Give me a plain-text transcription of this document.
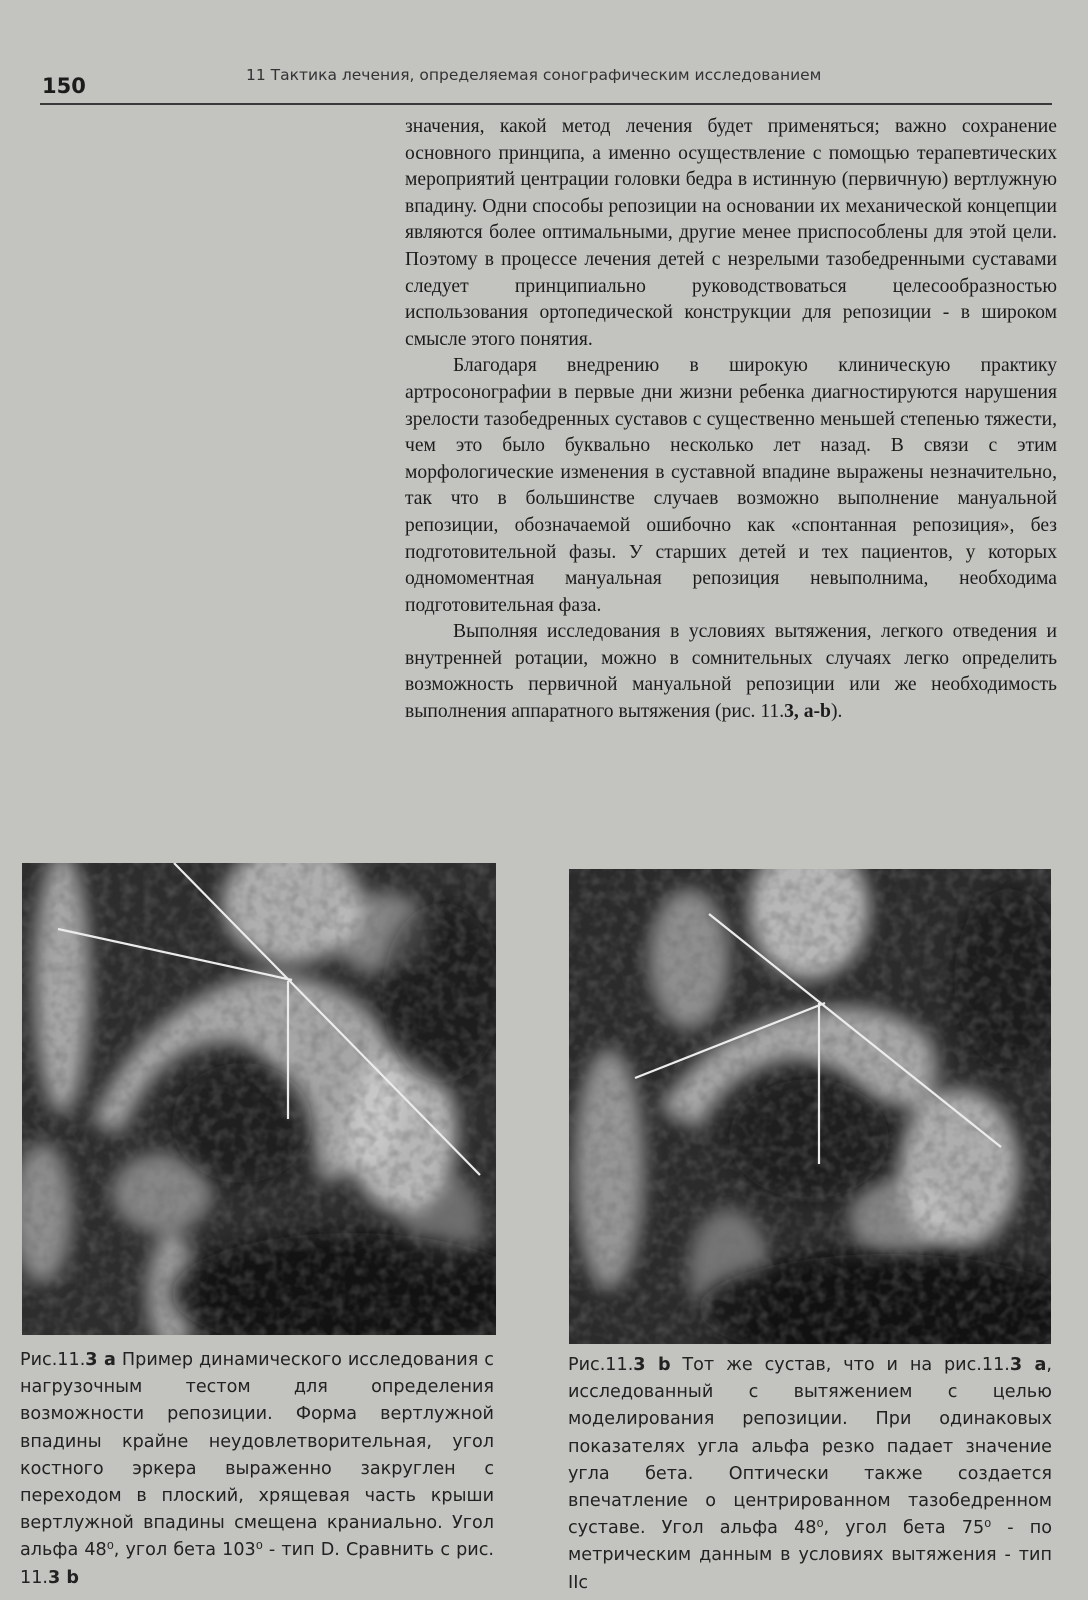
150	11 Тактика лечения, определяемая сонографическим исследованием

значения, какой метод лечения будет применяться; важно сохранение основного принципа, а именно осуществление с помощью терапевтических мероприятий центрации головки бедра в истинную (первичную) вертлужную впадину. Одни способы репозиции на основании их механической концепции являются более оптимальными, другие менее приспособлены для этой цели. Поэтому в процессе лечения детей с незрелыми тазобедренными суставами следует принципиально руководствоваться целесообразностью использования ортопедической конструкции для репозиции - в широком смысле этого понятия.

Благодаря внедрению в широкую клиническую практику артросонографии в первые дни жизни ребенка диагностируются нарушения зрелости тазобедренных суставов с существенно меньшей степенью тяжести, чем это было буквально несколько лет назад. В связи с этим морфологические изменения в суставной впадине выражены незначительно, так что в большинстве случаев возможно выполнение мануальной репозиции, обозначаемой ошибочно как «спонтанная репозиция», без подготовительной фазы. У старших детей и тех пациентов, у которых одномоментная мануальная репозиция невыполнима, необходима подготовительная фаза.

Выполняя исследования в условиях вытяжения, легкого отведения и внутренней ротации, можно в сомнительных случаях легко определить возможность первичной мануальной репозиции или же необходимость выполнения аппаратного вытяжения (рис. 11.3, a-b).

Рис.11.3 a Пример динамического исследования с нагрузочным тестом для определения возможности репозиции. Форма вертлужной впадины крайне неудовлетворительная, угол костного эркера выраженно закруглен с переходом в плоский, хрящевая часть крыши вертлужной впадины смещена краниально. Угол альфа 48⁰, угол бета 103⁰ - тип D. Сравнить с рис. 11.3 b

Рис.11.3 b Тот же сустав, что и на рис.11.3 a, исследованный с вытяжением с целью моделирования репозиции. При одинаковых показателях угла альфа резко падает значение угла бета. Оптически также создается впечатление о центрированном тазобедренном суставе. Угол альфа 48⁰, угол бета 75⁰ - по метрическим данным в условиях вытяжения - тип IIc
